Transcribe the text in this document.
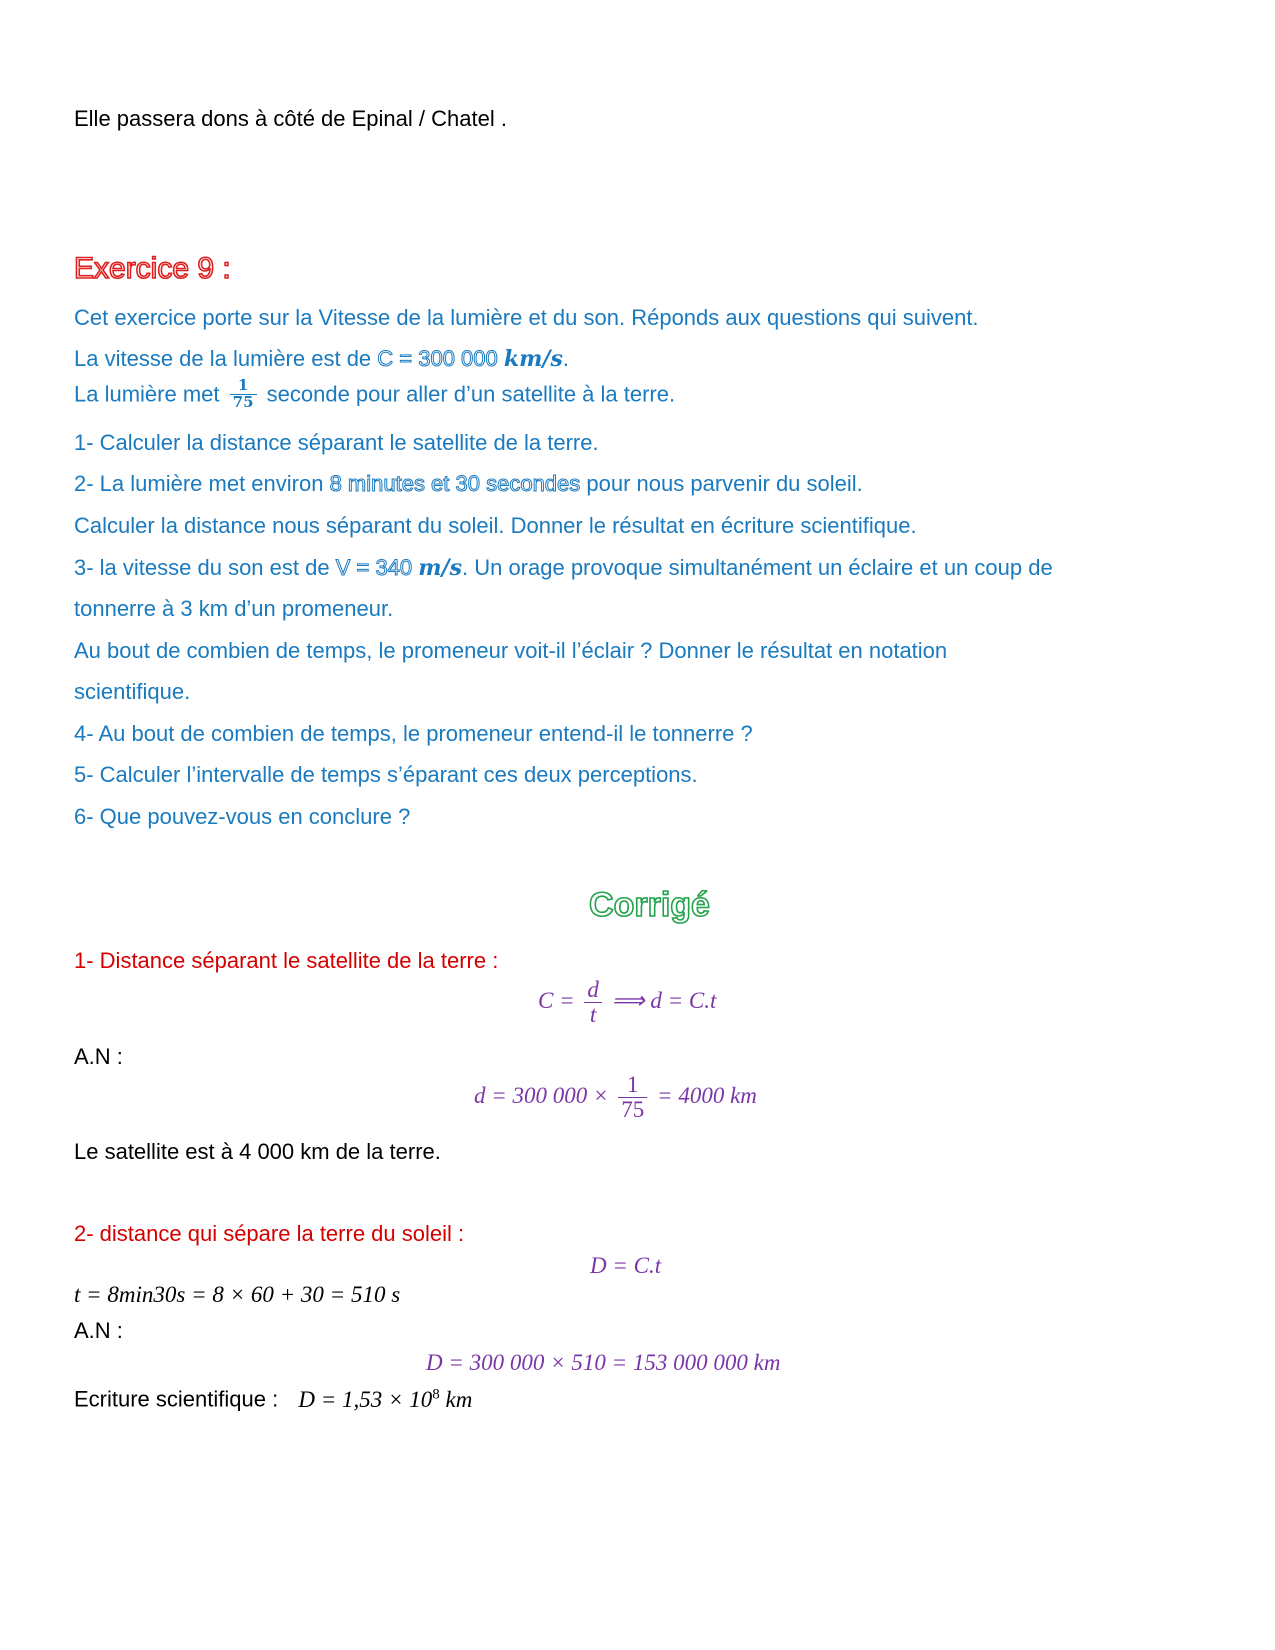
Elle passera dons à côté de Epinal / Chatel .
Exercice 9 :
Cet exercice porte sur la Vitesse de la lumière et du son. Réponds aux questions qui suivent.
La vitesse de la lumière est de C = 300 000 km/s.
La lumière met $\frac{1}{75}$ seconde pour aller d’un satellite à la terre.
1- Calculer la distance séparant le satellite de la terre.
2- La lumière met environ 8 minutes et 30 secondes pour nous parvenir du soleil.
Calculer la distance nous séparant du soleil. Donner le résultat en écriture scientifique.
3- la vitesse du son est de V = 340 m/s. Un orage provoque simultanément un éclaire et un coup de
tonnerre à 3 km d’un promeneur.
Au bout de combien de temps, le promeneur voit-il l’éclair ? Donner le résultat en notation
scientifique.
4- Au bout de combien de temps, le promeneur entend-il le tonnerre ?
5- Calculer l’intervalle de temps s’éparant ces deux perceptions.
6- Que pouvez-vous en conclure ?
Corrigé
1- Distance séparant le satellite de la terre :
$C = \frac{d}{t}$ ⟹ d = C.t
A.N :
d = 300 $000 \times \frac{1}{75} = 4000$ km
Le satellite est à 4 000 km de la terre.
2- distance qui sépare la terre du soleil :
D = C.t
t = 8min30s = 8 × 60 + 30 = 510 s
A.N :
D = 300 000 × 510 = 153 000 000 km
Ecriture scientifique : $D = 1,53 \times 10^8$ km
